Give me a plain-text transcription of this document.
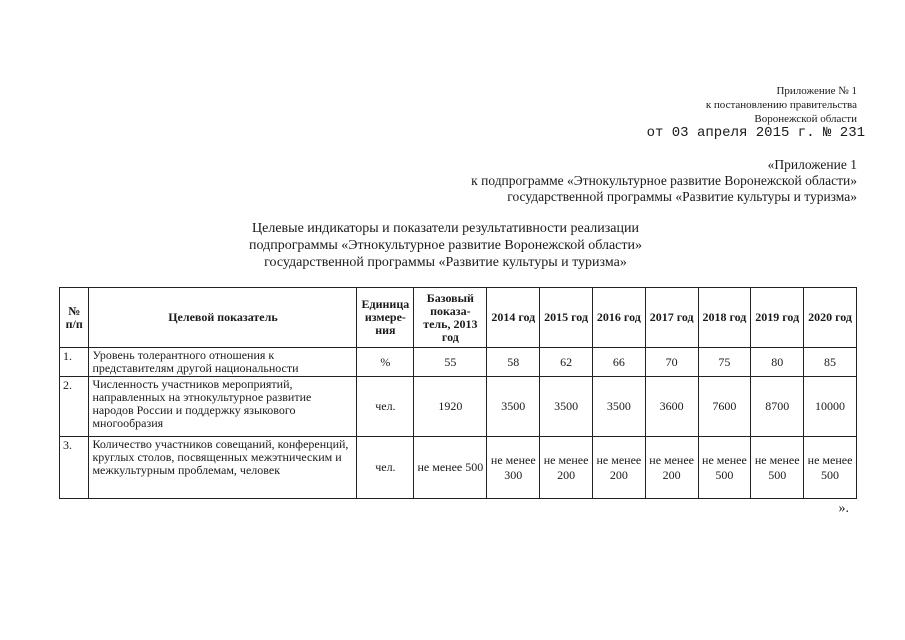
Приложение № 1
к постановлению правительства
Воронежской области
от 03 апреля 2015 г. № 231
«Приложение 1
к подпрограмме «Этнокультурное развитие Воронежской области»
государственной программы «Развитие культуры и туризма»
Целевые индикаторы и показатели результативности реализации
подпрограммы «Этнокультурное развитие Воронежской области»
государственной программы «Развитие культуры и туризма»
№ п/п	Целевой показатель	Единица измере-ния	Базовый показа-тель, 2013 год	2014 год	2015 год	2016 год	2017 год	2018 год	2019 год	2020 год
1.	Уровень толерантного отношения к представителям другой национальности	%	55	58	62	66	70	75	80	85
2.	Численность участников мероприятий, направленных на этнокультурное развитие народов России и поддержку языкового многообразия	чел.	1920	3500	3500	3500	3600	7600	8700	10000
3.	Количество участников совещаний, конференций, круглых столов, посвященных межэтническим и межкультурным проблемам, человек	чел.	не менее 500	не менее 300	не менее 200	не менее 200	не менее 200	не менее 500	не менее 500	не менее 500
».
